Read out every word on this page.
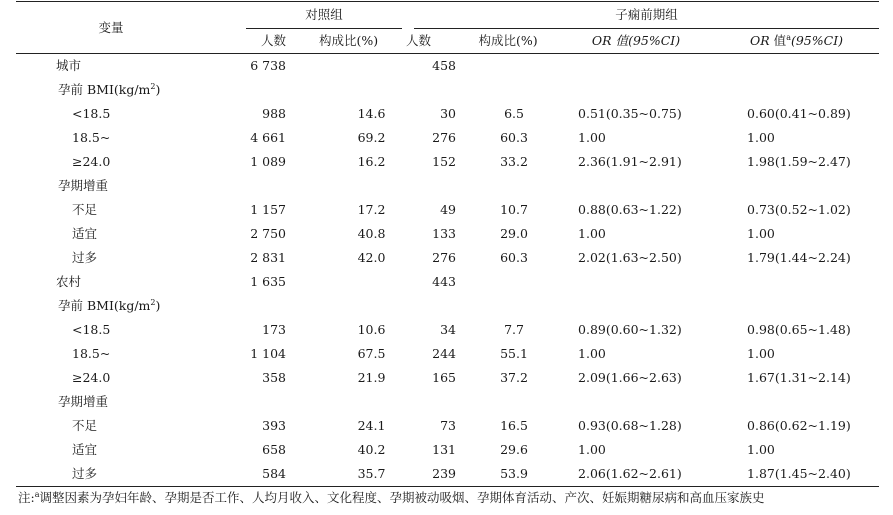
变量	对照组		子痫前期组			

	人数	构成比(%)	人数	构成比(%)	OR 值(95%CI)	OR 值$^a$(95%CI)
城市	6 738		458			
孕前 $BMI(kg/m^2)$						
<18.5	988	14.6	30	6.5	0.51(0.35~0.75)	0.60(0.41~0.89)
18.5~	4 661	69.2	276	60.3	1.00	1.00
≥24.0	1 089	16.2	152	33.2	2.36(1.91~2.91)	1.98(1.59~2.47)
孕期增重						
不足	1 157	17.2	49	10.7	0.88(0.63~1.22)	0.73(0.52~1.02)
适宜	2 750	40.8	133	29.0	1.00	1.00
过多	2 831	42.0	276	60.3	2.02(1.63~2.50)	1.79(1.44~2.24)
农村	1 635		443			
孕前 $BMI(kg/m^2)$						
<18.5	173	10.6	34	7.7	0.89(0.60~1.32)	0.98(0.65~1.48)
18.5~	1 104	67.5	244	55.1	1.00	1.00
≥24.0	358	21.9	165	37.2	2.09(1.66~2.63)	1.67(1.31~2.14)
孕期增重						
不足	393	24.1	73	16.5	0.93(0.68~1.28)	0.86(0.62~1.19)
适宜	658	40.2	131	29.6	1.00	1.00
过多	584	35.7	239	53.9	2.06(1.62~2.61)	1.87(1.45~2.40)
注:$^a$调整因素为孕妇年龄、孕期是否工作、人均月收入、文化程度、孕期被动吸烟、孕期体育活动、产次、妊娠期糖尿病和高血压家族史
